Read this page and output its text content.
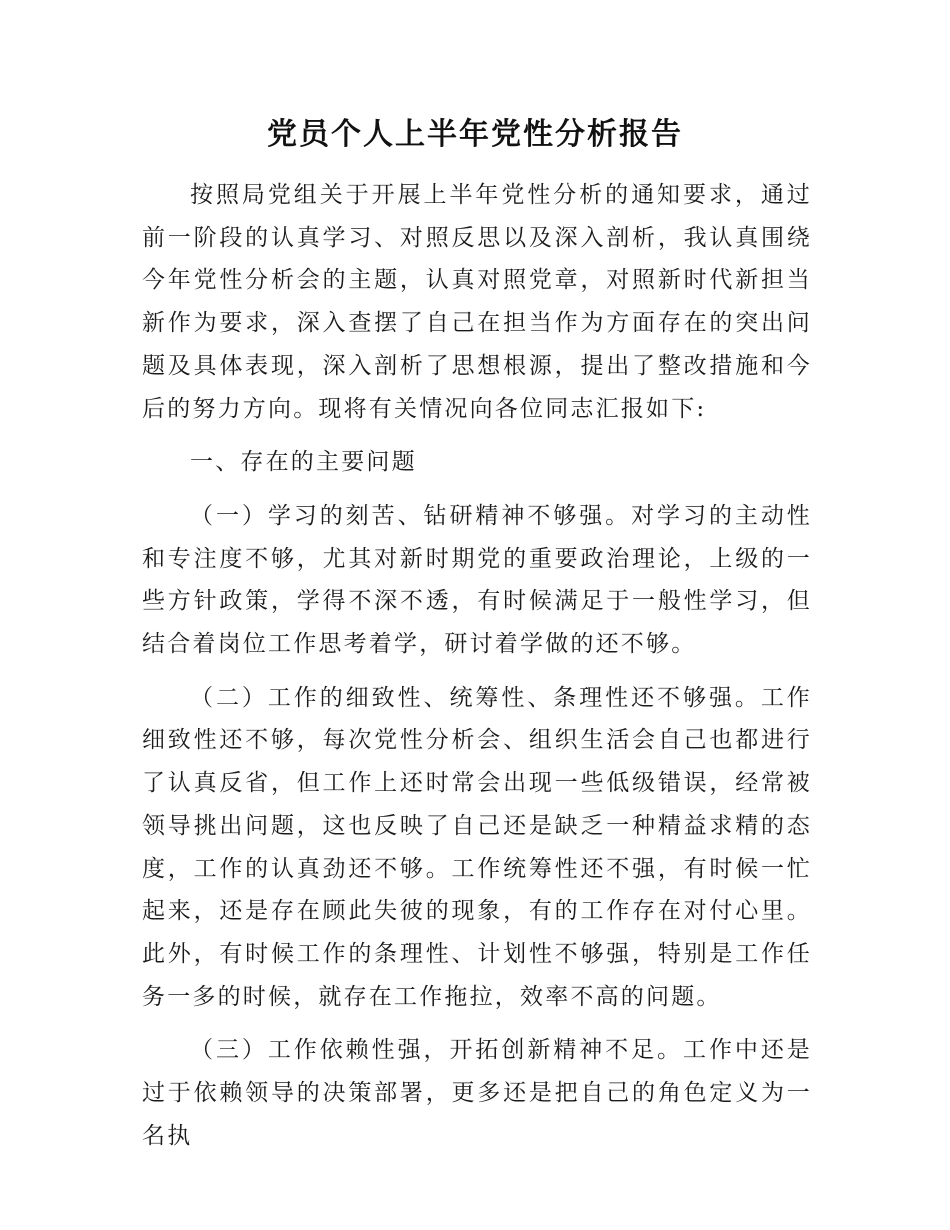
党员个人上半年党性分析报告

按照局党组关于开展上半年党性分析的通知要求，通过前一阶段的认真学习、对照反思以及深入剖析，我认真围绕今年党性分析会的主题，认真对照党章，对照新时代新担当新作为要求，深入查摆了自己在担当作为方面存在的突出问题及具体表现，深入剖析了思想根源，提出了整改措施和今后的努力方向。现将有关情况向各位同志汇报如下:

一、存在的主要问题

（一）学习的刻苦、钻研精神不够强。对学习的主动性和专注度不够，尤其对新时期党的重要政治理论，上级的一些方针政策，学得不深不透，有时候满足于一般性学习，但结合着岗位工作思考着学，研讨着学做的还不够。

（二）工作的细致性、统筹性、条理性还不够强。工作细致性还不够，每次党性分析会、组织生活会自己也都进行了认真反省，但工作上还时常会出现一些低级错误，经常被领导挑出问题，这也反映了自己还是缺乏一种精益求精的态度，工作的认真劲还不够。工作统筹性还不强，有时候一忙起来，还是存在顾此失彼的现象，有的工作存在对付心里。此外，有时候工作的条理性、计划性不够强，特别是工作任务一多的时候，就存在工作拖拉，效率不高的问题。

（三）工作依赖性强，开拓创新精神不足。工作中还是过于依赖领导的决策部署，更多还是把自己的角色定义为一名执
